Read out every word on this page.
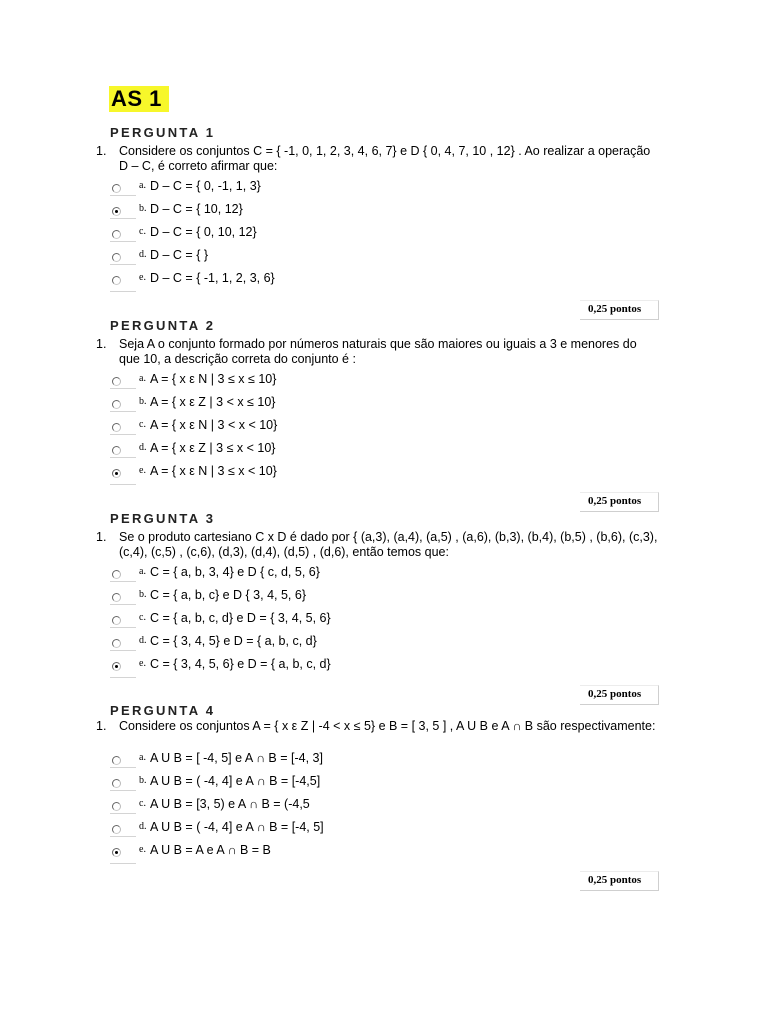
AS 1
PERGUNTA 1
1. Considere os conjuntos C = { -1, 0, 1, 2, 3, 4, 6, 7} e D { 0, 4, 7, 10 , 12} . Ao realizar a operação D – C, é correto afirmar que:
a. D – C = { 0, -1, 1, 3}
b. D – C = { 10, 12}
c. D – C = { 0, 10, 12}
d. D – C = { }
e. D – C = { -1, 1, 2, 3, 6}
0,25 pontos
PERGUNTA 2
1. Seja A o conjunto formado por números naturais que são maiores ou iguais a 3 e menores do que 10, a descrição correta do conjunto é :
a. A = { x ε N | 3 ≤ x ≤ 10}
b. A = { x ε Z | 3 < x ≤ 10}
c. A = { x ε N | 3 < x < 10}
d. A = { x ε Z | 3 ≤ x < 10}
e. A = { x ε N | 3 ≤ x < 10}
0,25 pontos
PERGUNTA 3
1. Se o produto cartesiano C x D é dado por { (a,3), (a,4), (a,5) , (a,6), (b,3), (b,4), (b,5) , (b,6), (c,3), (c,4), (c,5) , (c,6), (d,3), (d,4), (d,5) , (d,6), então temos que:
a. C = { a, b, 3, 4} e D { c, d, 5, 6}
b. C = { a, b, c} e D { 3, 4, 5, 6}
c. C = { a, b, c, d} e D = { 3, 4, 5, 6}
d. C = { 3, 4, 5} e D = { a, b, c, d}
e. C = { 3, 4, 5, 6} e D = { a, b, c, d}
0,25 pontos
PERGUNTA 4
1. Considere os conjuntos A = { x ε Z | -4 < x ≤ 5} e B = [ 3, 5 ] , A U B e A ∩ B são respectivamente:
a. A U B = [ -4, 5] e A ∩ B = [-4, 3]
b. A U B = ( -4, 4] e A ∩ B = [-4,5]
c. A U B = [3, 5) e A ∩ B = (-4,5
d. A U B = ( -4, 4] e A ∩ B = [-4, 5]
e. A U B = A e A ∩ B = B
0,25 pontos
